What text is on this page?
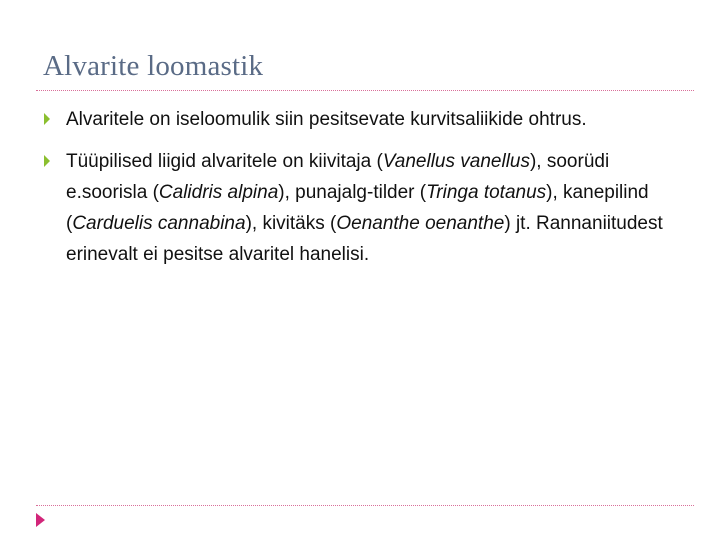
Alvarite loomastik
Alvaritele on iseloomulik siin pesitsevate kurvitsaliikide ohtrus.
Tüüpilised liigid alvaritele on kiivitaja (Vanellus vanellus), soorüdi e.soorisla (Calidris alpina), punajalg-tilder (Tringa totanus), kanepilind (Carduelis cannabina), kivitäks (Oenanthe oenanthe) jt. Rannaniitudest erinevalt ei pesitse alvaritel hanelisi.
